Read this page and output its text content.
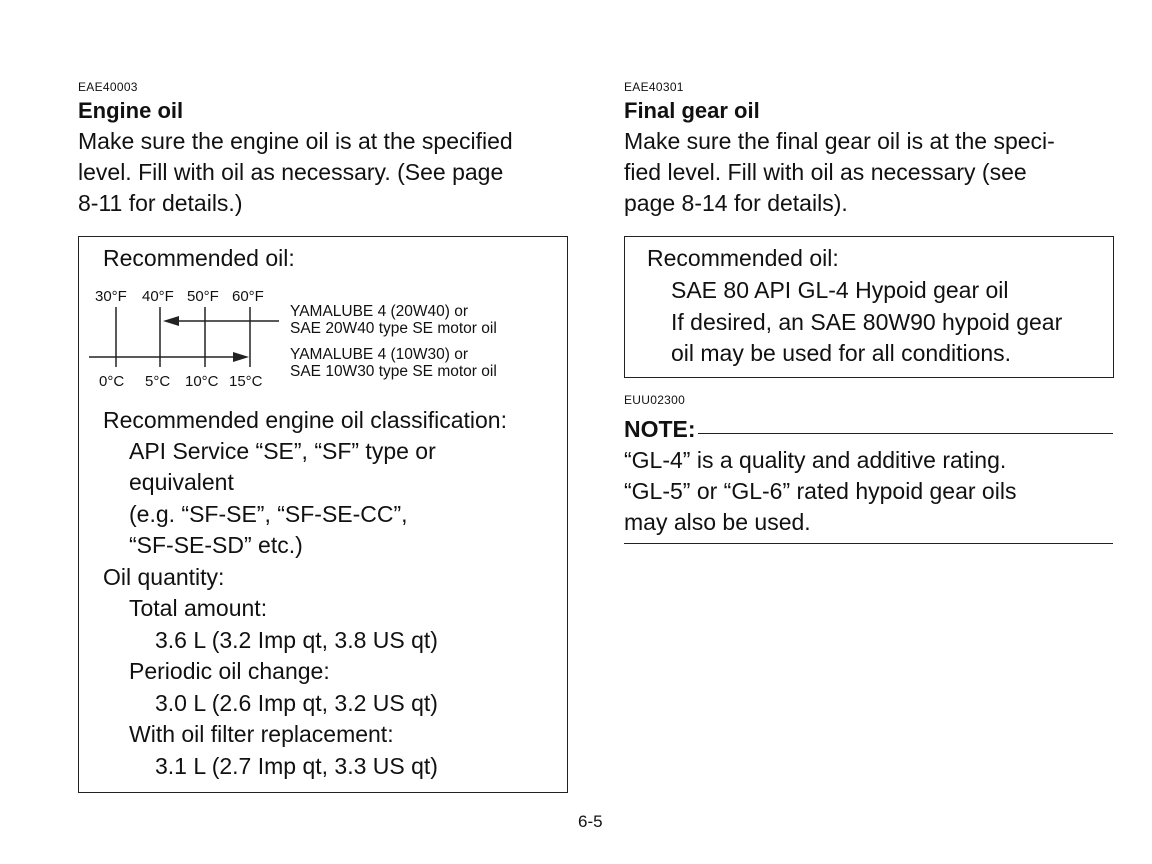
EAE40003
Engine oil
Make sure the engine oil is at the specified
level. Fill with oil as necessary. (See page
8-11 for details.)
Recommended oil:
30°F 40°F 50°F 60°F
0°C 5°C 10°C 15°C
YAMALUBE 4 (20W40) or
SAE 20W40 type SE motor oil
YAMALUBE 4 (10W30) or
SAE 10W30 type SE motor oil
Recommended engine oil classification:
API Service “SE”, “SF” type or
equivalent
(e.g. “SF-SE”, “SF-SE-CC”,
“SF-SE-SD” etc.)
Oil quantity:
Total amount:
3.6 L (3.2 Imp qt, 3.8 US qt)
Periodic oil change:
3.0 L (2.6 Imp qt, 3.2 US qt)
With oil filter replacement:
3.1 L (2.7 Imp qt, 3.3 US qt)
EAE40301
Final gear oil
Make sure the final gear oil is at the speci-
fied level. Fill with oil as necessary (see
page 8-14 for details).
Recommended oil:
SAE 80 API GL-4 Hypoid gear oil
If desired, an SAE 80W90 hypoid gear
oil may be used for all conditions.
EUU02300
NOTE:
“GL-4” is a quality and additive rating.
“GL-5” or “GL-6” rated hypoid gear oils
may also be used.
6-5
